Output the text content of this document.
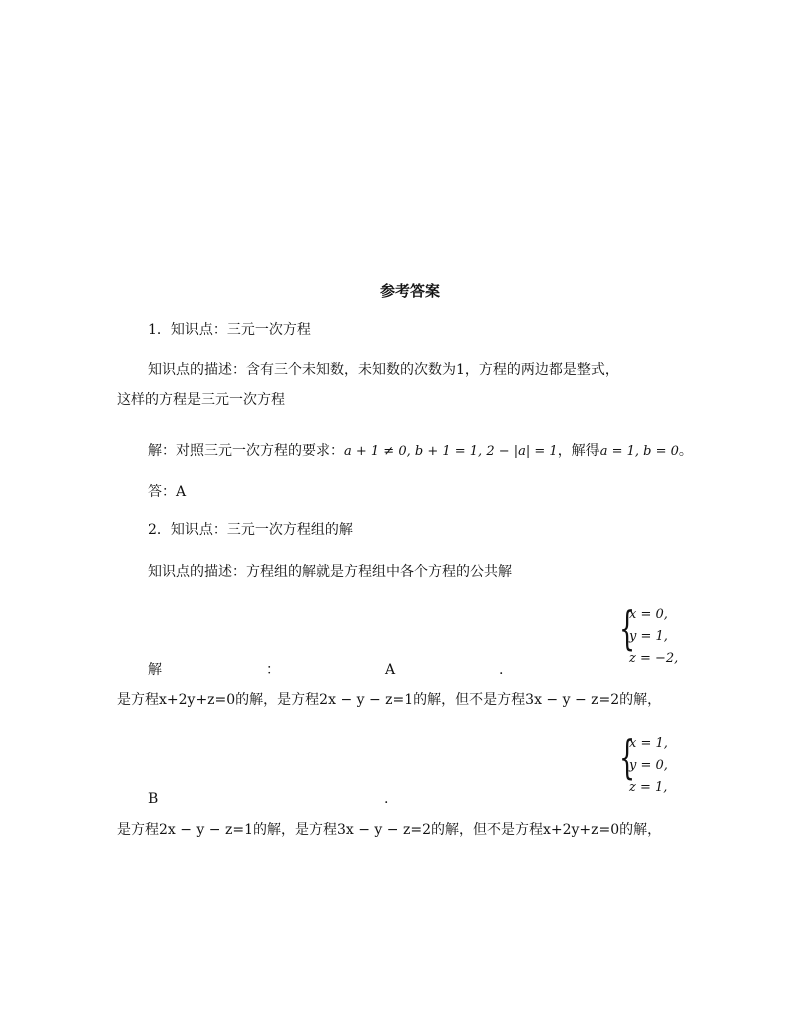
参考答案
1．知识点：三元一次方程
知识点的描述：含有三个未知数，未知数的次数为1，方程的两边都是整式，
这样的方程是三元一次方程
解：对照三元一次方程的要求：a + 1 ≠ 0, b + 1 = 1, 2 − |a| = 1，解得a = 1, b = 0。
答：A
2．知识点：三元一次方程组的解
知识点的描述：方程组的解就是方程组中各个方程的公共解
{
x = 0,
y = 1,
z = −2,
解	：	A	.
是方程x+2y+z=0的解，是方程2x − y − z=1的解，但不是方程3x − y − z=2的解，
{
x = 1,
y = 0,
z = 1,
B	.
是方程2x − y − z=1的解，是方程3x − y − z=2的解，但不是方程x+2y+z=0的解，
